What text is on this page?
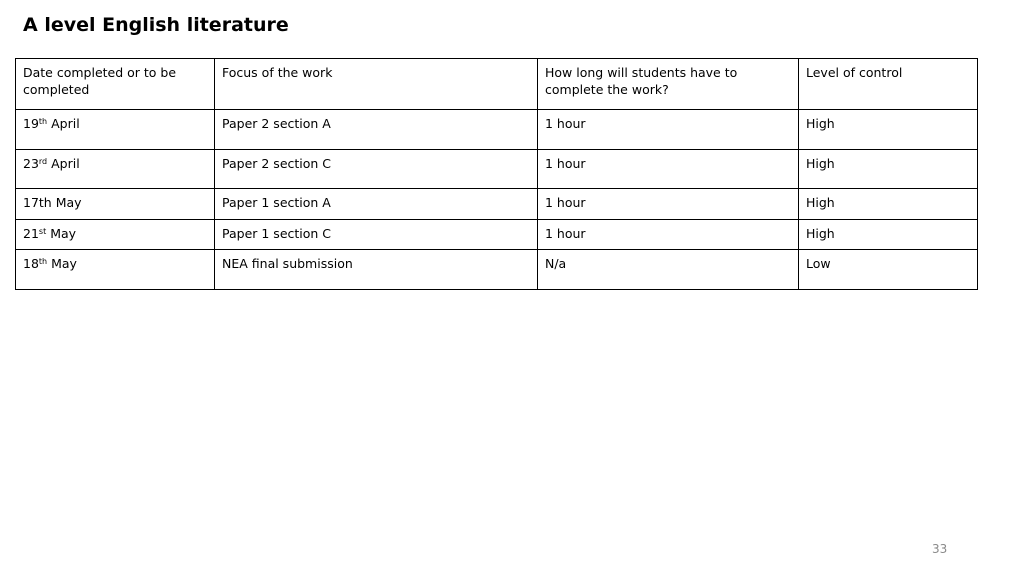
A level English literature
Date completed or to be completed	Focus of the work	How long will students have to complete the work?	Level of control
19th April	Paper 2 section A	1 hour	High
23rd April	Paper 2 section C	1 hour	High
17th May	Paper 1 section A	1 hour	High
21st May	Paper 1 section C	1 hour	High
18th May	NEA final submission	N/a	Low
33
